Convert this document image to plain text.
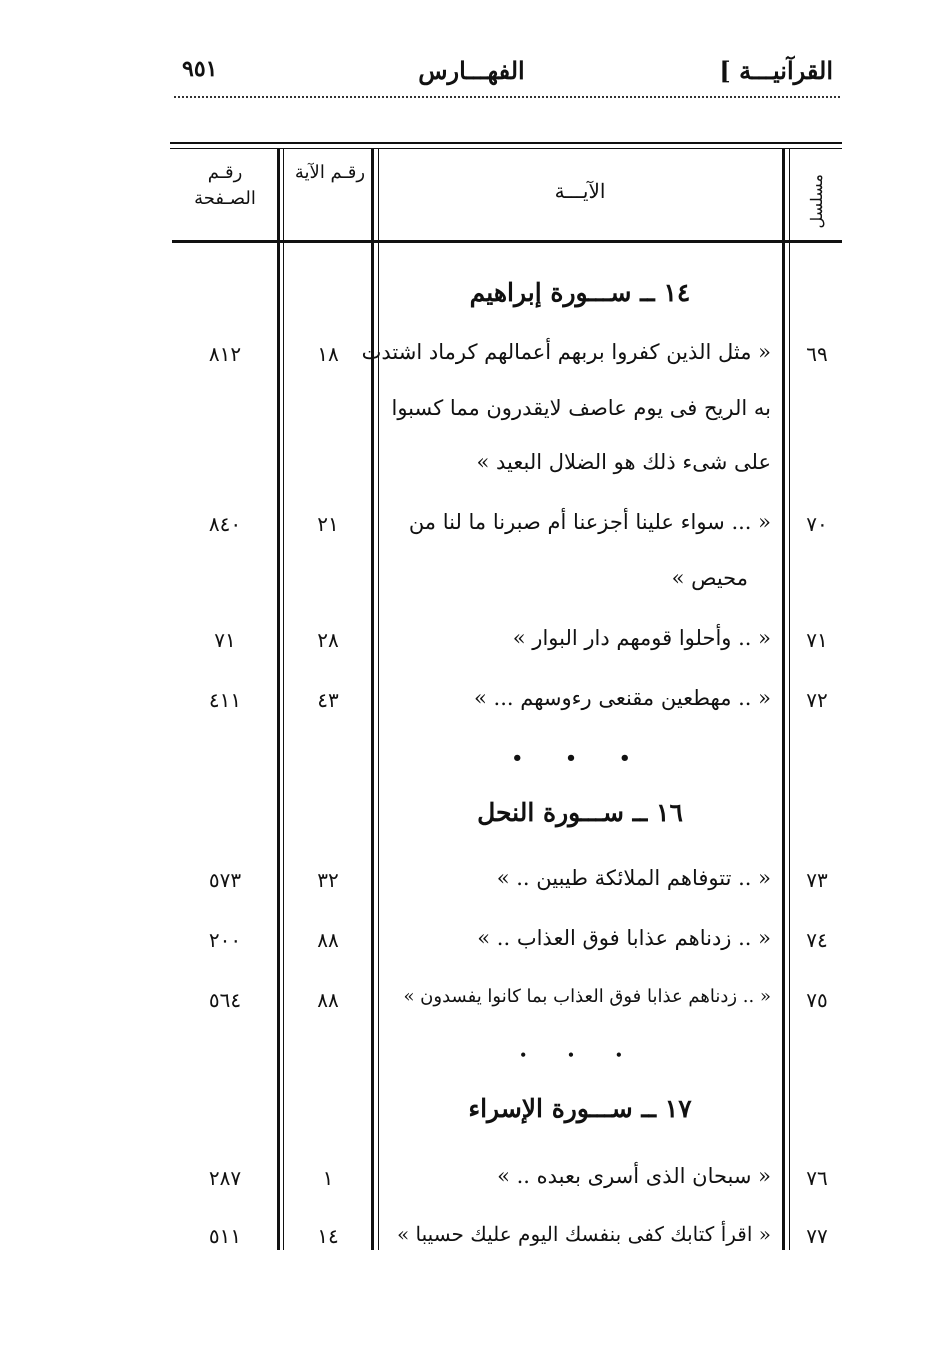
القرآنيـــة ]
الفهـــارس
٩٥١
رقـم الصـفحة
رقـم الآية
الآيـــة	مسلسل
١٤ ــ ســـورة إبراهيم
٦٩
« مثل الذين كفروا بربهم أعمالهم كرماد اشتدت
به الريح فى يوم عاصف لايقدرون مما كسبوا
على شىء ذلك هو الضلال البعيد »
١٨
٨١٢
٧٠
« ... سواء علينا أجزعنا أم صبرنا ما لنا من
محيص »
٢١
٨٤٠
٧١
« .. وأحلوا قومهم دار البوار »
٢٨
٧١
٧٢
« .. مهطعين مقنعى رءوسهم ... »
٤٣
٤١١
• • •
١٦ ــ ســـورة النحل
٧٣
« .. تتوفاهم الملائكة طيبين .. »
٣٢
٥٧٣
٧٤
« .. زدناهم عذابا فوق العذاب .. »
٨٨
٢٠٠
٧٥
« .. زدناهم عذابا فوق العذاب بما كانوا يفسدون »
٨٨
٥٦٤
• • •
١٧ ــ ســـورة الإسراء
٧٦
« سبحان الذى أسرى بعبده .. »
١
٢٨٧
٧٧
« اقرأ كتابك كفى بنفسك اليوم عليك حسيبا »
١٤
٥١١
